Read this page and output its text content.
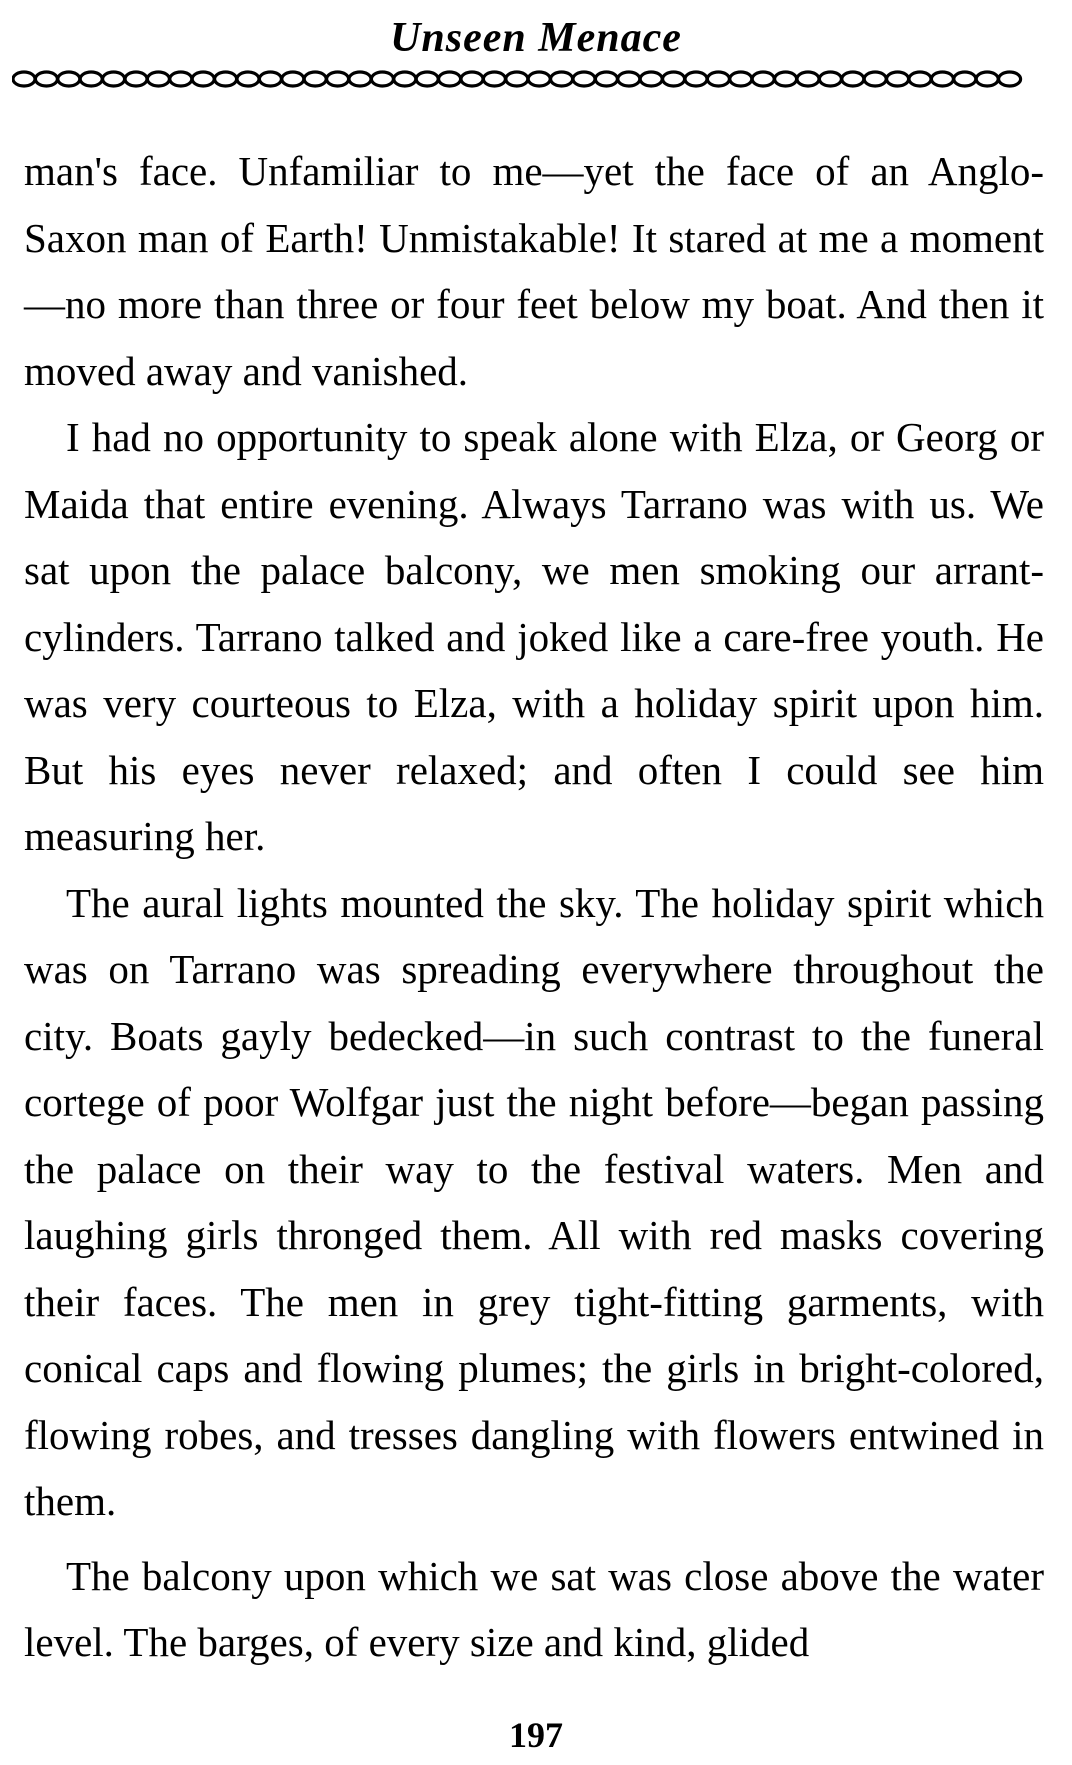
Unseen Menace

man's face. Unfamiliar to me—yet the face of an Anglo-Saxon man of Earth! Unmistakable! It stared at me a moment—no more than three or four feet below my boat. And then it moved away and vanished.

I had no opportunity to speak alone with Elza, or Georg or Maida that entire evening. Always Tarrano was with us. We sat upon the palace balcony, we men smoking our arrant-cylinders. Tarrano talked and joked like a care-free youth. He was very courteous to Elza, with a holiday spirit upon him. But his eyes never relaxed; and often I could see him measuring her.

The aural lights mounted the sky. The holiday spirit which was on Tarrano was spreading everywhere throughout the city. Boats gayly bedecked—in such contrast to the funeral cortege of poor Wolfgar just the night before—began passing the palace on their way to the festival waters. Men and laughing girls thronged them. All with red masks covering their faces. The men in grey tight-fitting garments, with conical caps and flowing plumes; the girls in bright-colored, flowing robes, and tresses dangling with flowers entwined in them.

The balcony upon which we sat was close above the water level. The barges, of every size and kind, glided

197
